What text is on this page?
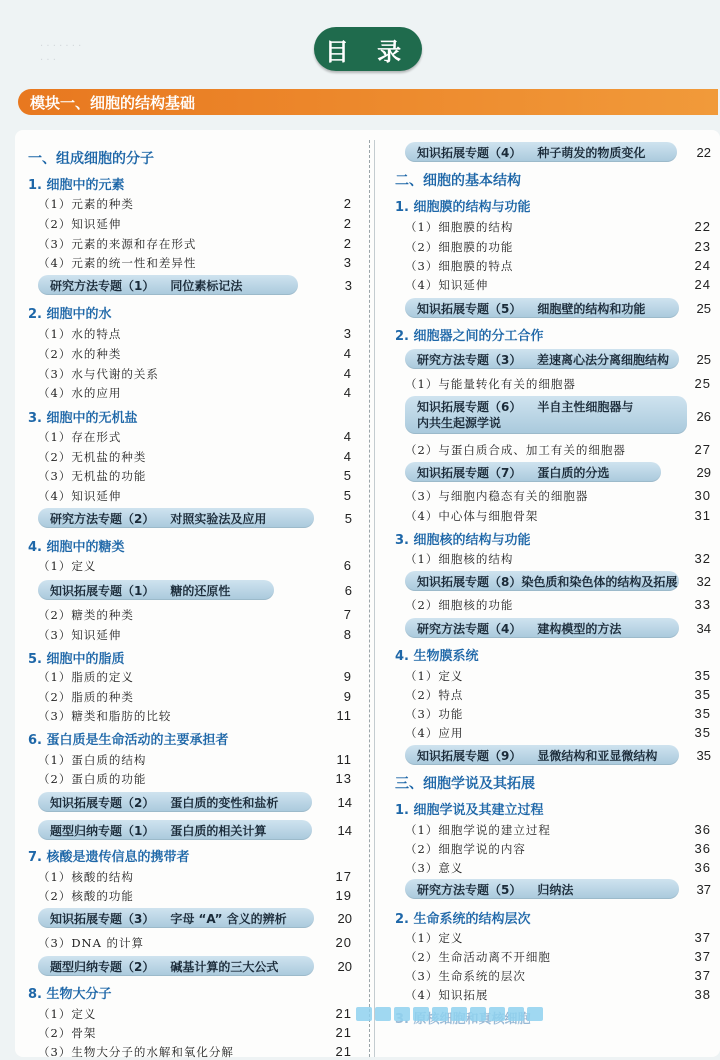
目 录
· · · · · · ·
· · ·
模块一、细胞的结构基础
一、组成细胞的分子
1. 细胞中的元素
（1）元素的种类	2
（2）知识延伸	2
（3）元素的来源和存在形式	2
（4）元素的统一性和差异性	3
研究方法专题（1） 同位素标记法	3
2. 细胞中的水
（1）水的特点	3
（2）水的种类	4
（3）水与代谢的关系	4
（4）水的应用	4
3. 细胞中的无机盐
（1）存在形式	4
（2）无机盐的种类	4
（3）无机盐的功能	5
（4）知识延伸	5
研究方法专题（2） 对照实验法及应用	5
4. 细胞中的糖类
（1）定义	6
知识拓展专题（1） 糖的还原性	6
（2）糖类的种类	7
（3）知识延伸	8
5. 细胞中的脂质
（1）脂质的定义	9
（2）脂质的种类	9
（3）糖类和脂肪的比较	11
6. 蛋白质是生命活动的主要承担者
（1）蛋白质的结构	11
（2）蛋白质的功能	13
知识拓展专题（2） 蛋白质的变性和盐析	14
题型归纳专题（1） 蛋白质的相关计算	14
7. 核酸是遗传信息的携带者
（1）核酸的结构	17
（2）核酸的功能	19
知识拓展专题（3） 字母 “A” 含义的辨析	20
（3）DNA 的计算	20
题型归纳专题（2） 碱基计算的三大公式	20
8. 生物大分子
（1）定义	21
（2）骨架	21
（3）生物大分子的水解和氧化分解	21
知识拓展专题（4） 种子萌发的物质变化	22
二、细胞的基本结构
1. 细胞膜的结构与功能
（1）细胞膜的结构	22
（2）细胞膜的功能	23
（3）细胞膜的特点	24
（4）知识延伸	24
知识拓展专题（5） 细胞壁的结构和功能	25
2. 细胞器之间的分工合作
研究方法专题（3） 差速离心法分离细胞结构 25
（1）与能量转化有关的细胞器	25
知识拓展专题（6） 半自主性细胞器与
内共生起源学说	26
（2）与蛋白质合成、加工有关的细胞器	27
知识拓展专题（7） 蛋白质的分选	29
（3）与细胞内稳态有关的细胞器	30
（4）中心体与细胞骨架	31
3. 细胞核的结构与功能
（1）细胞核的结构	32
知识拓展专题（8） 染色质和染色体的结构及拓展 32
（2）细胞核的功能	33
研究方法专题（4） 建构模型的方法	34
4. 生物膜系统
（1）定义	35
（2）特点	35
（3）功能	35
（4）应用	35
知识拓展专题（9） 显微结构和亚显微结构	35
三、细胞学说及其拓展
1. 细胞学说及其建立过程
（1）细胞学说的建立过程	36
（2）细胞学说的内容	36
（3）意义	36
研究方法专题（5） 归纳法	37
2. 生命系统的结构层次
（1）定义	37
（2）生命活动离不开细胞	37
（3）生命系统的层次	37
（4）知识拓展	38
